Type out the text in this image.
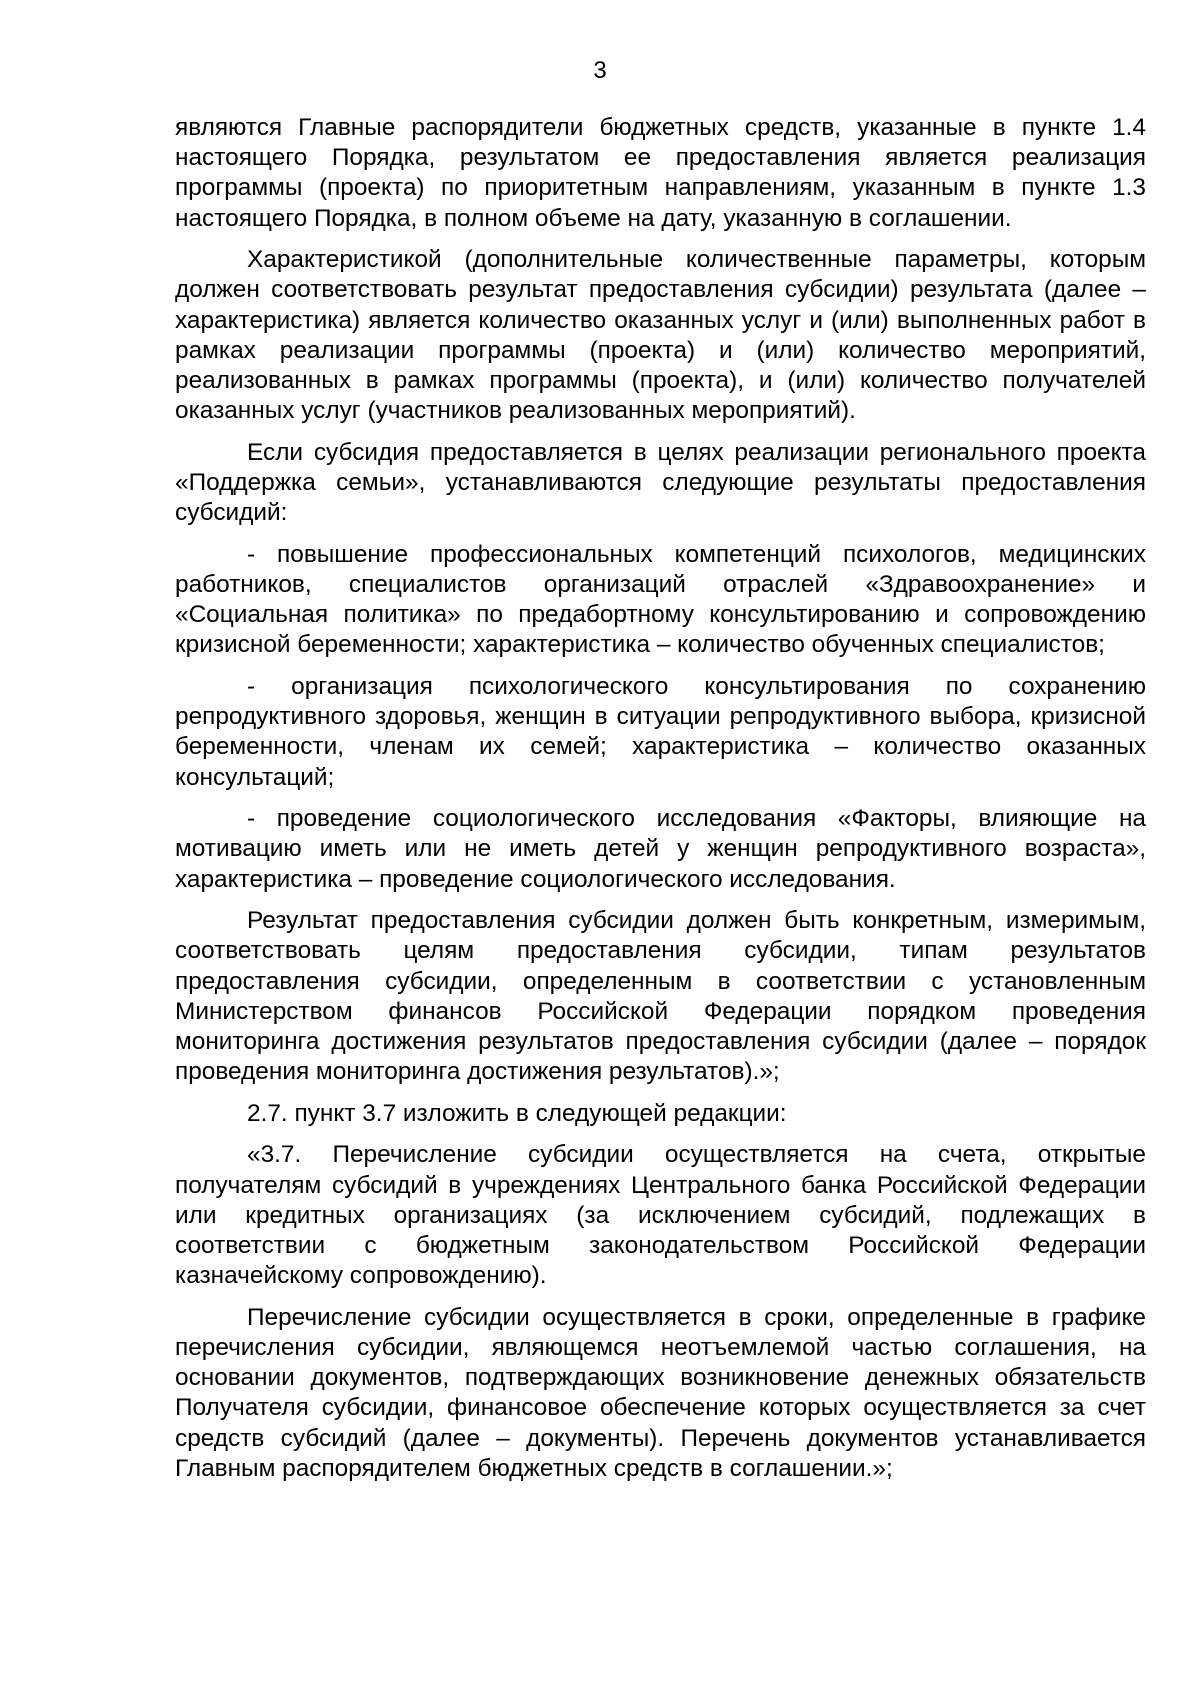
3

являются Главные распорядители бюджетных средств, указанные в пункте 1.4 настоящего Порядка, результатом ее предоставления является реализация программы (проекта) по приоритетным направлениям, указанным в пункте 1.3 настоящего Порядка, в полном объеме на дату, указанную в соглашении.

Характеристикой (дополнительные количественные параметры, которым должен соответствовать результат предоставления субсидии) результата (далее – характеристика) является количество оказанных услуг и (или) выполненных работ в рамках реализации программы (проекта) и (или) количество мероприятий, реализованных в рамках программы (проекта), и (или) количество получателей оказанных услуг (участников реализованных мероприятий).

Если субсидия предоставляется в целях реализации регионального проекта «Поддержка семьи», устанавливаются следующие результаты предоставления субсидий:

- повышение профессиональных компетенций психологов, медицинских работников, специалистов организаций отраслей «Здравоохранение» и «Социальная политика» по предабортному консультированию и сопровождению кризисной беременности; характеристика – количество обученных специалистов;

- организация психологического консультирования по сохранению репродуктивного здоровья, женщин в ситуации репродуктивного выбора, кризисной беременности, членам их семей; характеристика – количество оказанных консультаций;

- проведение социологического исследования «Факторы, влияющие на мотивацию иметь или не иметь детей у женщин репродуктивного возраста», характеристика – проведение социологического исследования.

Результат предоставления субсидии должен быть конкретным, измеримым, соответствовать целям предоставления субсидии, типам результатов предоставления субсидии, определенным в соответствии с установленным Министерством финансов Российской Федерации порядком проведения мониторинга достижения результатов предоставления субсидии (далее – порядок проведения мониторинга достижения результатов).»;

2.7. пункт 3.7 изложить в следующей редакции:

«3.7. Перечисление субсидии осуществляется на счета, открытые получателям субсидий в учреждениях Центрального банка Российской Федерации или кредитных организациях (за исключением субсидий, подлежащих в соответствии с бюджетным законодательством Российской Федерации казначейскому сопровождению).

Перечисление субсидии осуществляется в сроки, определенные в графике перечисления субсидии, являющемся неотъемлемой частью соглашения, на основании документов, подтверждающих возникновение денежных обязательств Получателя субсидии, финансовое обеспечение которых осуществляется за счет средств субсидий (далее – документы). Перечень документов устанавливается Главным распорядителем бюджетных средств в соглашении.»;
